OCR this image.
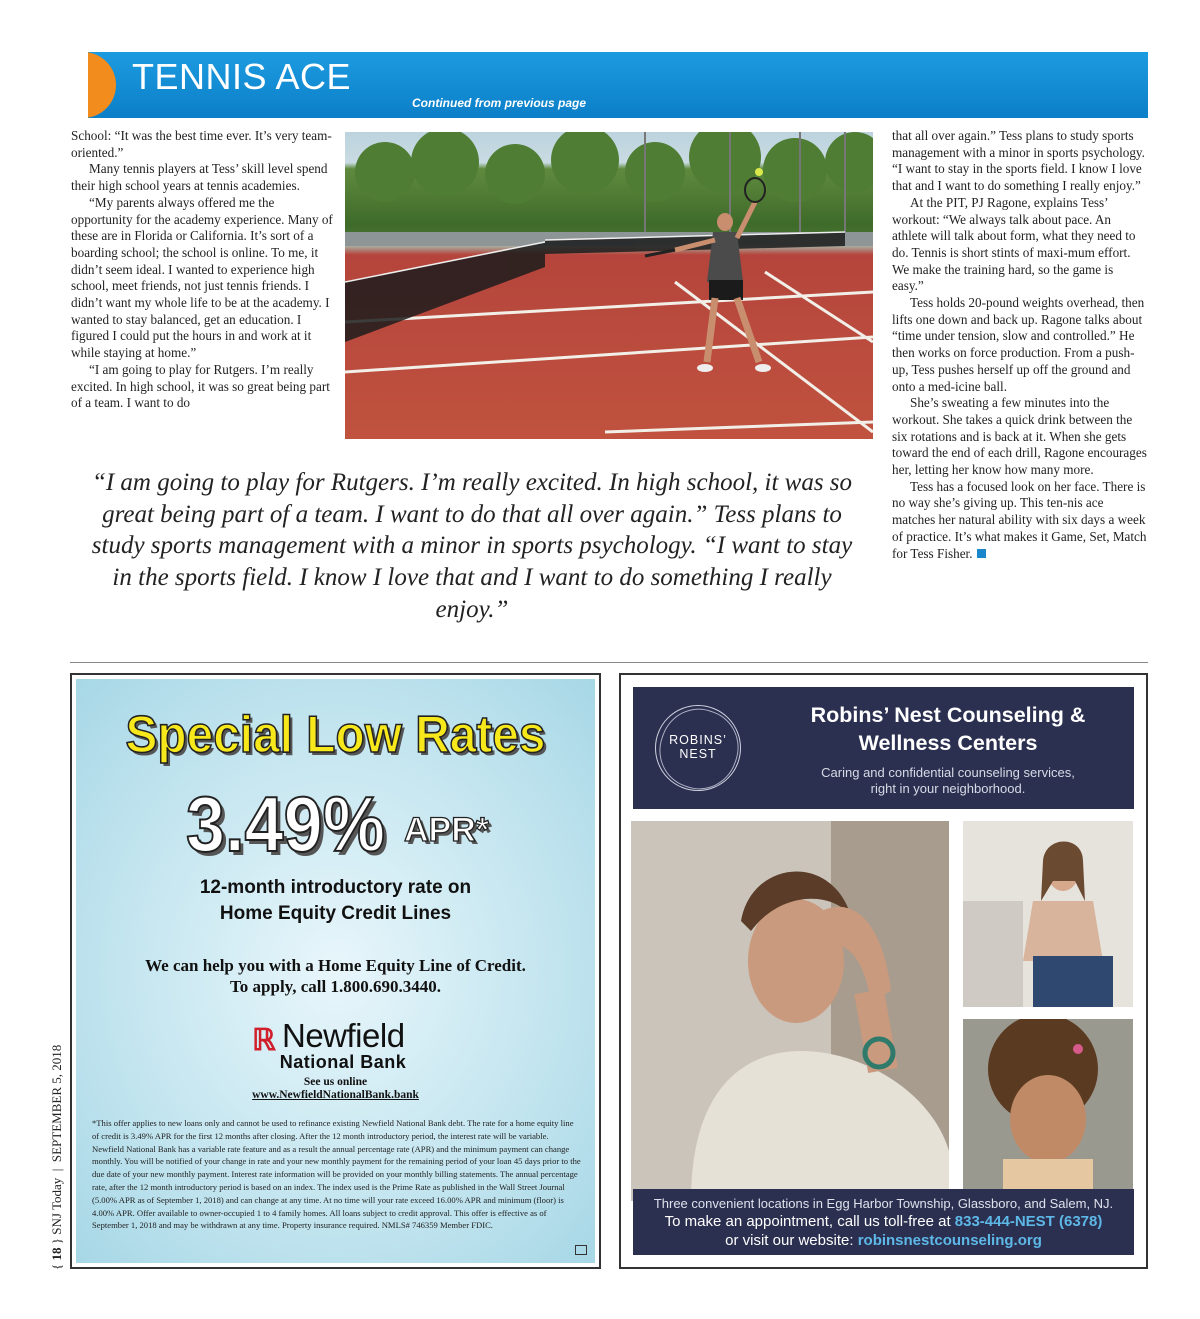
TENNIS ACE
Continued from previous page

School: “It was the best time ever. It’s very team-oriented.”

Many tennis players at Tess’ skill level spend their high school years at tennis academies.

“My parents always offered me the opportunity for the academy experience. Many of these are in Florida or California. It’s sort of a boarding school; the school is online. To me, it didn’t seem ideal. I wanted to experience high school, meet friends, not just tennis friends. I didn’t want my whole life to be at the academy. I wanted to stay balanced, get an education. I figured I could put the hours in and work at it while staying at home.”

“I am going to play for Rutgers. I’m really excited. In high school, it was so great being part of a team. I want to do

that all over again.” Tess plans to study sports management with a minor in sports psychology. “I want to stay in the sports field. I know I love that and I want to do something I really enjoy.”

At the PIT, PJ Ragone, explains Tess’ workout: “We always talk about pace. An athlete will talk about form, what they need to do. Tennis is short stints of maxi-mum effort. We make the training hard, so the game is easy.”

Tess holds 20-pound weights overhead, then lifts one down and back up. Ragone talks about “time under tension, slow and controlled.” He then works on force production. From a push-up, Tess pushes herself up off the ground and onto a med-icine ball.

She’s sweating a few minutes into the workout. She takes a quick drink between the six rotations and is back at it. When she gets toward the end of each drill, Ragone encourages her, letting her know how many more.

Tess has a focused look on her face. There is no way she’s giving up. This ten-nis ace matches her natural ability with six days a week of practice. It’s what makes it Game, Set, Match for Tess Fisher.

“I am going to play for Rutgers. I’m really excited. In high school, it was so great being part of a team. I want to do that all over again.” Tess plans to study sports management with a minor in sports psychology. “I want to stay in the sports field. I know I love that and I want to do something I really enjoy.”
Special Low Rates
3.49% APR*
12-month introductory rate on
Home Equity Credit Lines
We can help you with a Home Equity Line of Credit.
To apply, call 1.800.690.3440.
ℝ Newfield
National Bank
See us online
www.NewfieldNationalBank.bank
*This offer applies to new loans only and cannot be used to refinance existing Newfield National Bank debt. The rate for a home equity line of credit is 3.49% APR for the first 12 months after closing. After the 12 month introductory period, the interest rate will be variable. Newfield National Bank has a variable rate feature and as a result the annual percentage rate (APR) and the minimum payment can change monthly. You will be notified of your change in rate and your new monthly payment for the remaining period of your loan 45 days prior to the due date of your new monthly payment. Interest rate information will be provided on your monthly billing statements. The annual percentage rate, after the 12 month introductory period is based on an index. The index used is the Prime Rate as published in the Wall Street Journal (5.00% APR as of September 1, 2018) and can change at any time. At no time will your rate exceed 16.00% APR and minimum (floor) is 4.00% APR. Offer available to owner-occupied 1 to 4 family homes. All loans subject to credit approval. This offer is effective as of September 1, 2018 and may be withdrawn at any time. Property insurance required. NMLS# 746359 Member FDIC.
ROBINS’
NEST
Robins’ Nest Counseling &
Wellness Centers
Caring and confidential counseling services,
right in your neighborhood.
Three convenient locations in Egg Harbor Township, Glassboro, and Salem, NJ.
To make an appointment, call us toll-free at 833-444-NEST (6378)
or visit our website: robinsnestcounseling.org
{ 18 } SNJ Today  |  SEPTEMBER 5, 2018
